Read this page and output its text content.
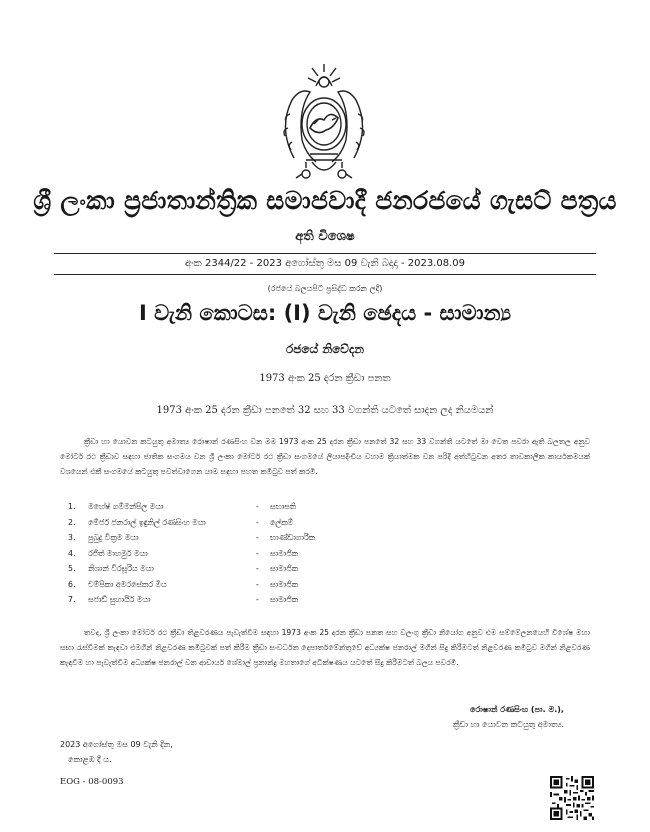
ශ්‍රී ලංකා ප්‍රජාතාන්ත්‍රික සමාජවාදී ජනරජයේ ගැසට් පත්‍රය
අති විශෙෂ
අංක 2344/22 - 2023 අගෝස්තු මස 09 වැනි බදාදා - 2023.08.09
(රජයේ බලයපිට ප්‍රසිද්ධ කරන ලදී)
I වැනි කොටස: (I) වැනි ඡෙදය - සාමාන්‍ය
රජයේ නිවේදන
1973 අංක 25 දරන ක්‍රීඩා පනත
1973 අංක 25 දරන ක්‍රීඩා පනතේ 32 සහ 33 වගන්ති යටතේ සාදන ලද නියමයන්
ක්‍රීඩා හා යොවන කටයුතු අමාත්‍ය රොෂාන් රණසිංහ වන මම 1973 අංක 25 දරන ක්‍රීඩා පනතේ 32 සහ 33 වගන්ති යටතේ මා වෙත පවරා ඇති බලතල අනුව මෝටර් රථ ක්‍රීඩාව සඳහා ජාතික සංගමය වන ශ්‍රී ලංකා මෝටර් රථ ක්‍රීඩා සංගමයේ ලියාපදිංචිය වහාම ක්‍රියාත්මක වන පරිදි අත්හිටුවන අතර තාවකාලික කාර්යකමයක් වශයෙන් එකී සංගමයේ කටයුතු පවත්වාගෙන යාම සඳහා පහත කමිටුව පත් කරමි.
1. මහේෂ් ගම්මන්පිල මයා	- සභාපති
2. මේජර් ජනරාල් ඉඳුනිල් රණසිංහ මයා	- ලේකම්
3. පුබුදු වික්‍රම මයා	- භාණ්ඩාගාරික
4. රජිත් මාහමුර් මයා	- සාමාජික
5. නිශාන් වීරසූරිය මයා	- සාමාජික
6. චම්පිකා අමරසේකර මිය	- සාමාජික
7. සජාඩ් සුහායිර් මයා	- සාමාජික
තවද, ශ්‍රී ලංකා මෝටර් රථ ක්‍රීඩා තිළවරණය පැවැත්වීම සඳහා 1973 අංක 25 දරන ක්‍රීඩා පනත සහ වලංගු ක්‍රීඩා නියෝග අනුව එම සම්මේලනයෙහි විශේෂ මහා සභා රැස්වීමක් කැඳවා එමගින් නිළවරණ කමිටුවක් පත් කිරීම ක්‍රීඩා සංවර්ධන දෙපාර්තමේන්තුවේ අධ්‍යක්ෂ ජනරාල් මගින් සිදු කිරීමටත් නිළවරණ කමිටුව මගින් නිළවරණ කැඳවීම හා පැවැත්වීම අධ්‍යක්ෂ ජනරාල් වන ආචාර්ය ශේමාල් ප්‍රනාන්දු මහතාගේ අධීක්ෂණය යටතේ සිදු කිරීමටත් බලය පවරමි.
රොෂාන් රණසිංහ (පා. ම.),
ක්‍රීඩා හා යොවන කටයුතු අමාත්‍ය.
2023 අගෝස්තු මස 09 වැනි දින,
කොළඹ දී ය.
EOG - 08-0093
